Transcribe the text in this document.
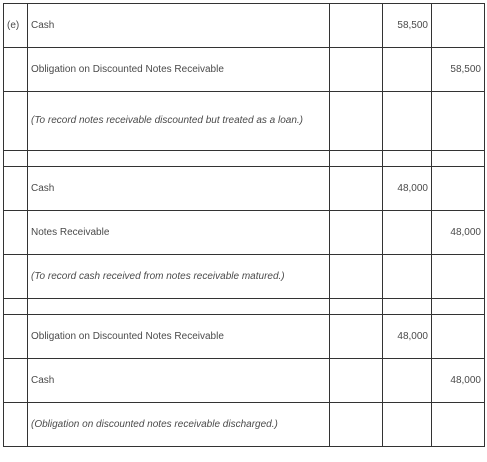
(e)	Cash		58,500	
	Obligation on Discounted Notes Receivable			58,500
	(To record notes receivable discounted but treated as a loan.)			

	Cash		48,000	
	Notes Receivable			48,000
	(To record cash received from notes receivable matured.)			

	Obligation on Discounted Notes Receivable		48,000	
	Cash			48,000
	(Obligation on discounted notes receivable discharged.)			
